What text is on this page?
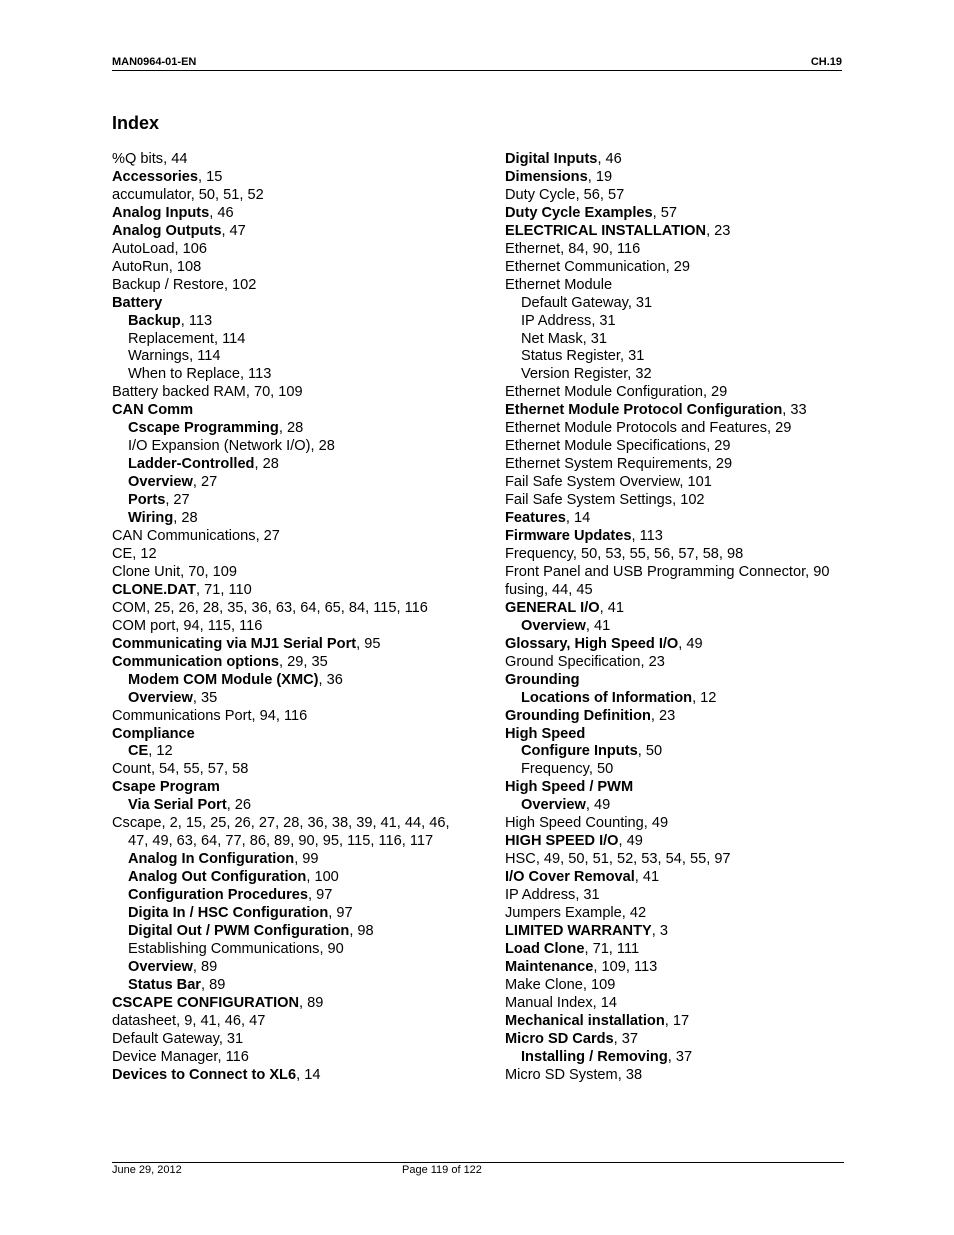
MAN0964-01-EN	CH.19
Index

%Q bits, 44

Accessories, 15

accumulator, 50, 51, 52

Analog Inputs, 46

Analog Outputs, 47

AutoLoad, 106

AutoRun, 108

Backup / Restore, 102

Battery

Backup, 113

Replacement, 114

Warnings, 114

When to Replace, 113

Battery backed RAM, 70, 109

CAN Comm

Cscape Programming, 28

I/O Expansion (Network I/O), 28

Ladder-Controlled, 28

Overview, 27

Ports, 27

Wiring, 28

CAN Communications, 27

CE, 12

Clone Unit, 70, 109

CLONE.DAT, 71, 110

COM, 25, 26, 28, 35, 36, 63, 64, 65, 84, 115, 116

COM port, 94, 115, 116

Communicating via MJ1 Serial Port, 95

Communication options, 29, 35

Modem COM Module (XMC), 36

Overview, 35

Communications Port, 94, 116

Compliance

CE, 12

Count, 54, 55, 57, 58

Csape Program

Via Serial Port, 26

Cscape, 2, 15, 25, 26, 27, 28, 36, 38, 39, 41, 44, 46, 47, 49, 63, 64, 77, 86, 89, 90, 95, 115, 116, 117

Analog In Configuration, 99

Analog Out Configuration, 100

Configuration Procedures, 97

Digita In / HSC Configuration, 97

Digital Out / PWM Configuration, 98

Establishing Communications, 90

Overview, 89

Status Bar, 89

CSCAPE CONFIGURATION, 89

datasheet, 9, 41, 46, 47

Default Gateway, 31

Device Manager, 116

Devices to Connect to XL6, 14

Digital Inputs, 46

Dimensions, 19

Duty Cycle, 56, 57

Duty Cycle Examples, 57

ELECTRICAL INSTALLATION, 23

Ethernet, 84, 90, 116

Ethernet Communication, 29

Ethernet Module

Default Gateway, 31

IP Address, 31

Net Mask, 31

Status Register, 31

Version Register, 32

Ethernet Module Configuration, 29

Ethernet Module Protocol Configuration, 33

Ethernet Module Protocols and Features, 29

Ethernet Module Specifications, 29

Ethernet System Requirements, 29

Fail Safe System Overview, 101

Fail Safe System Settings, 102

Features, 14

Firmware Updates, 113

Frequency, 50, 53, 55, 56, 57, 58, 98

Front Panel and USB Programming Connector, 90

fusing, 44, 45

GENERAL I/O, 41

Overview, 41

Glossary, High Speed I/O, 49

Ground Specification, 23

Grounding

Locations of Information, 12

Grounding Definition, 23

High Speed

Configure Inputs, 50

Frequency, 50

High Speed / PWM

Overview, 49

High Speed Counting, 49

HIGH SPEED I/O, 49

HSC, 49, 50, 51, 52, 53, 54, 55, 97

I/O Cover Removal, 41

IP Address, 31

Jumpers Example, 42

LIMITED WARRANTY, 3

Load Clone, 71, 111

Maintenance, 109, 113

Make Clone, 109

Manual Index, 14

Mechanical installation, 17

Micro SD Cards, 37

Installing / Removing, 37

Micro SD System, 38

June 29, 2012	Page 119 of 122
